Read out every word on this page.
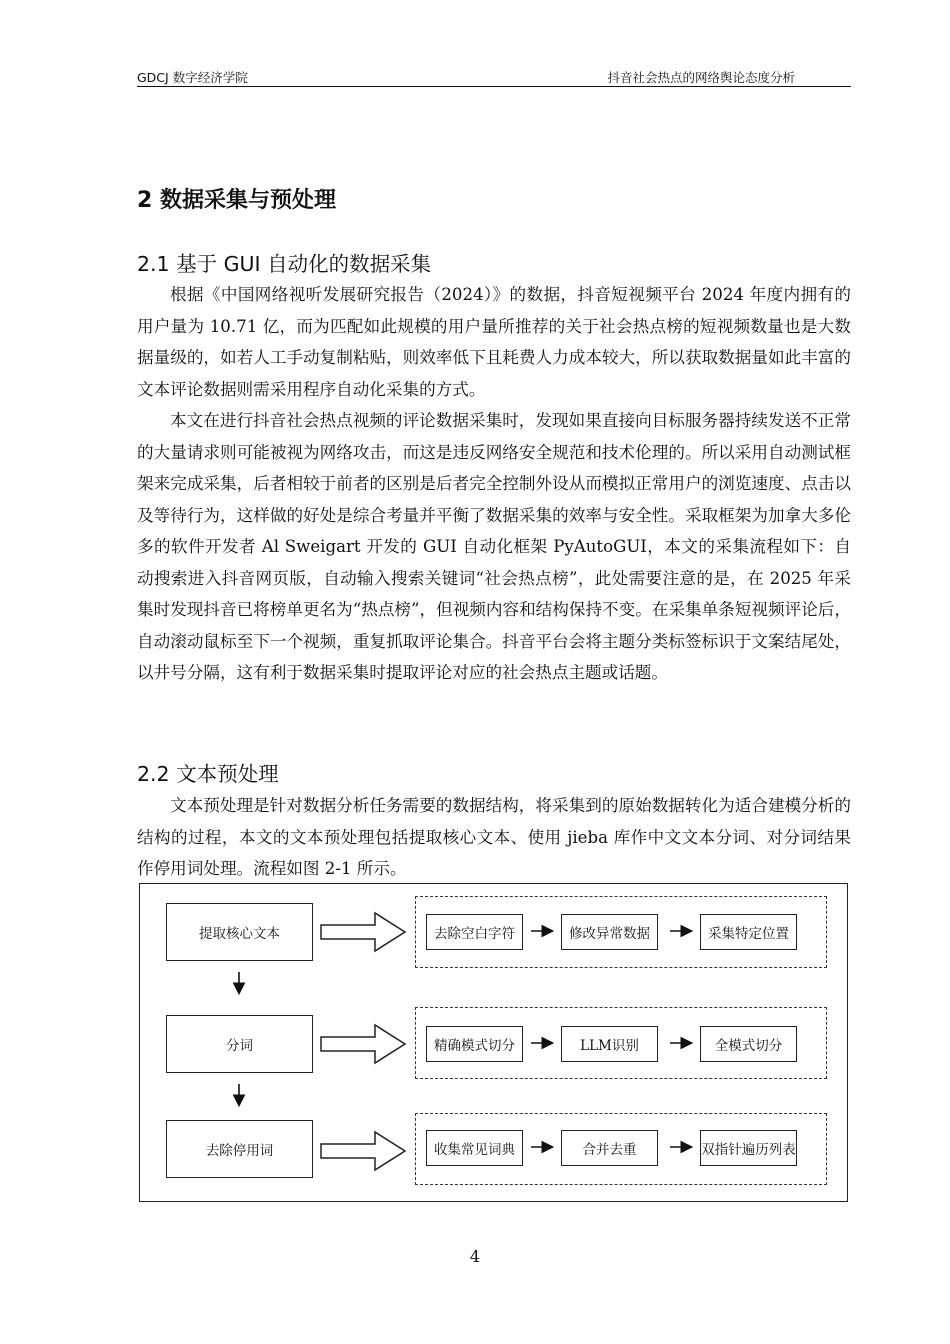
GDCJ 数字经济学院	抖音社会热点的网络舆论态度分析
2 数据采集与预处理
2.1 基于 GUI 自动化的数据采集
根据《中国网络视听发展研究报告（2024）》的数据，抖音短视频平台 2024 年度内拥有的用户量为 10.71 亿，而为匹配如此规模的用户量所推荐的关于社会热点榜的短视频数量也是大数据量级的，如若人工手动复制粘贴，则效率低下且耗费人力成本较大，所以获取数据量如此丰富的文本评论数据则需采用程序自动化采集的方式。
本文在进行抖音社会热点视频的评论数据采集时，发现如果直接向目标服务器持续发送不正常的大量请求则可能被视为网络攻击，而这是违反网络安全规范和技术伦理的。所以采用自动测试框架来完成采集，后者相较于前者的区别是后者完全控制外设从而模拟正常用户的浏览速度、点击以及等待行为，这样做的好处是综合考量并平衡了数据采集的效率与安全性。采取框架为加拿大多伦多的软件开发者 Al Sweigart 开发的 GUI 自动化框架 PyAutoGUI，本文的采集流程如下：自动搜索进入抖音网页版，自动输入搜索关键词“社会热点榜”，此处需要注意的是，在 2025 年采集时发现抖音已将榜单更名为“热点榜”，但视频内容和结构保持不变。在采集单条短视频评论后，自动滚动鼠标至下一个视频，重复抓取评论集合。抖音平台会将主题分类标签标识于文案结尾处，以井号分隔，这有利于数据采集时提取评论对应的社会热点主题或话题。
2.2 文本预处理
文本预处理是针对数据分析任务需要的数据结构，将采集到的原始数据转化为适合建模分析的结构的过程，本文的文本预处理包括提取核心文本、使用 jieba 库作中文文本分词、对分词结果作停用词处理。流程如图 2-1 所示。
提取核心文本	去除空白字符	修改异常数据	采集特定位置
分词	精确模式切分	LLM识别	全模式切分
去除停用词	收集常见词典	合并去重	双指针遍历列表
4
